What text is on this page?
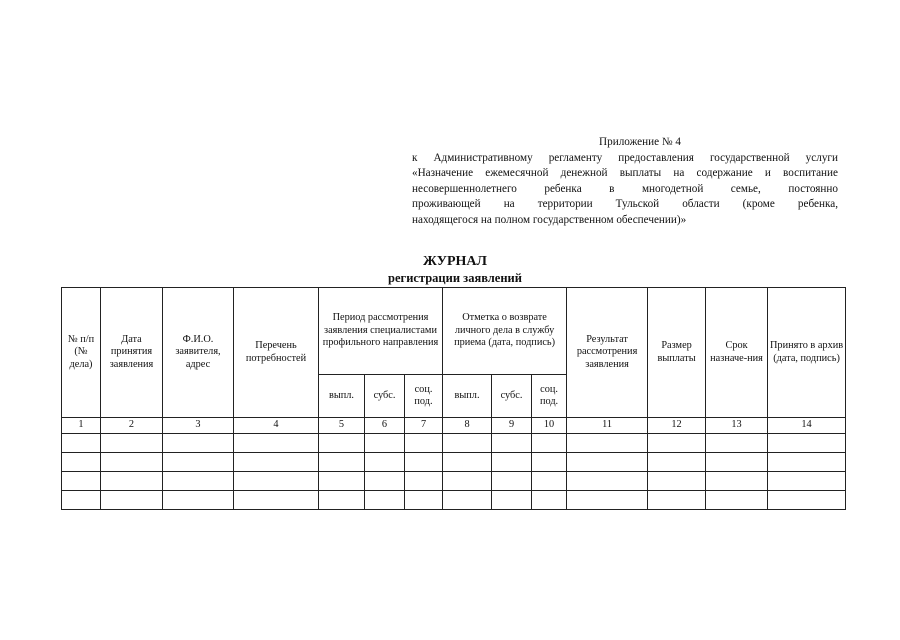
Приложение № 4
к Административному регламенту предоставления государственной услуги
«Назначение ежемесячной денежной выплаты на содержание и воспитание
несовершеннолетнего ребенка в многодетной семье, постоянно
проживающей на территории Тульской области (кроме ребенка,
находящегося на полном государственном обеспечении)»
ЖУРНАЛ
регистрации заявлений
№ п/п (№ дела)	Дата принятия заявления	Ф.И.О. заявителя, адрес	Перечень потребностей	Период рассмотрения заявления специалистами профильного направления			Отметка о возврате личного дела в службу приема (дата, подпись)			Результат рассмотрения заявления	Размер выплаты	Срок назначе-ния	Принято в архив (дата, подпись)
				выпл.	субс.	соц. под.	выпл.	субс.	соц. под.				
1	2	3	4	5	6	7	8	9	10	11	12	13	14
